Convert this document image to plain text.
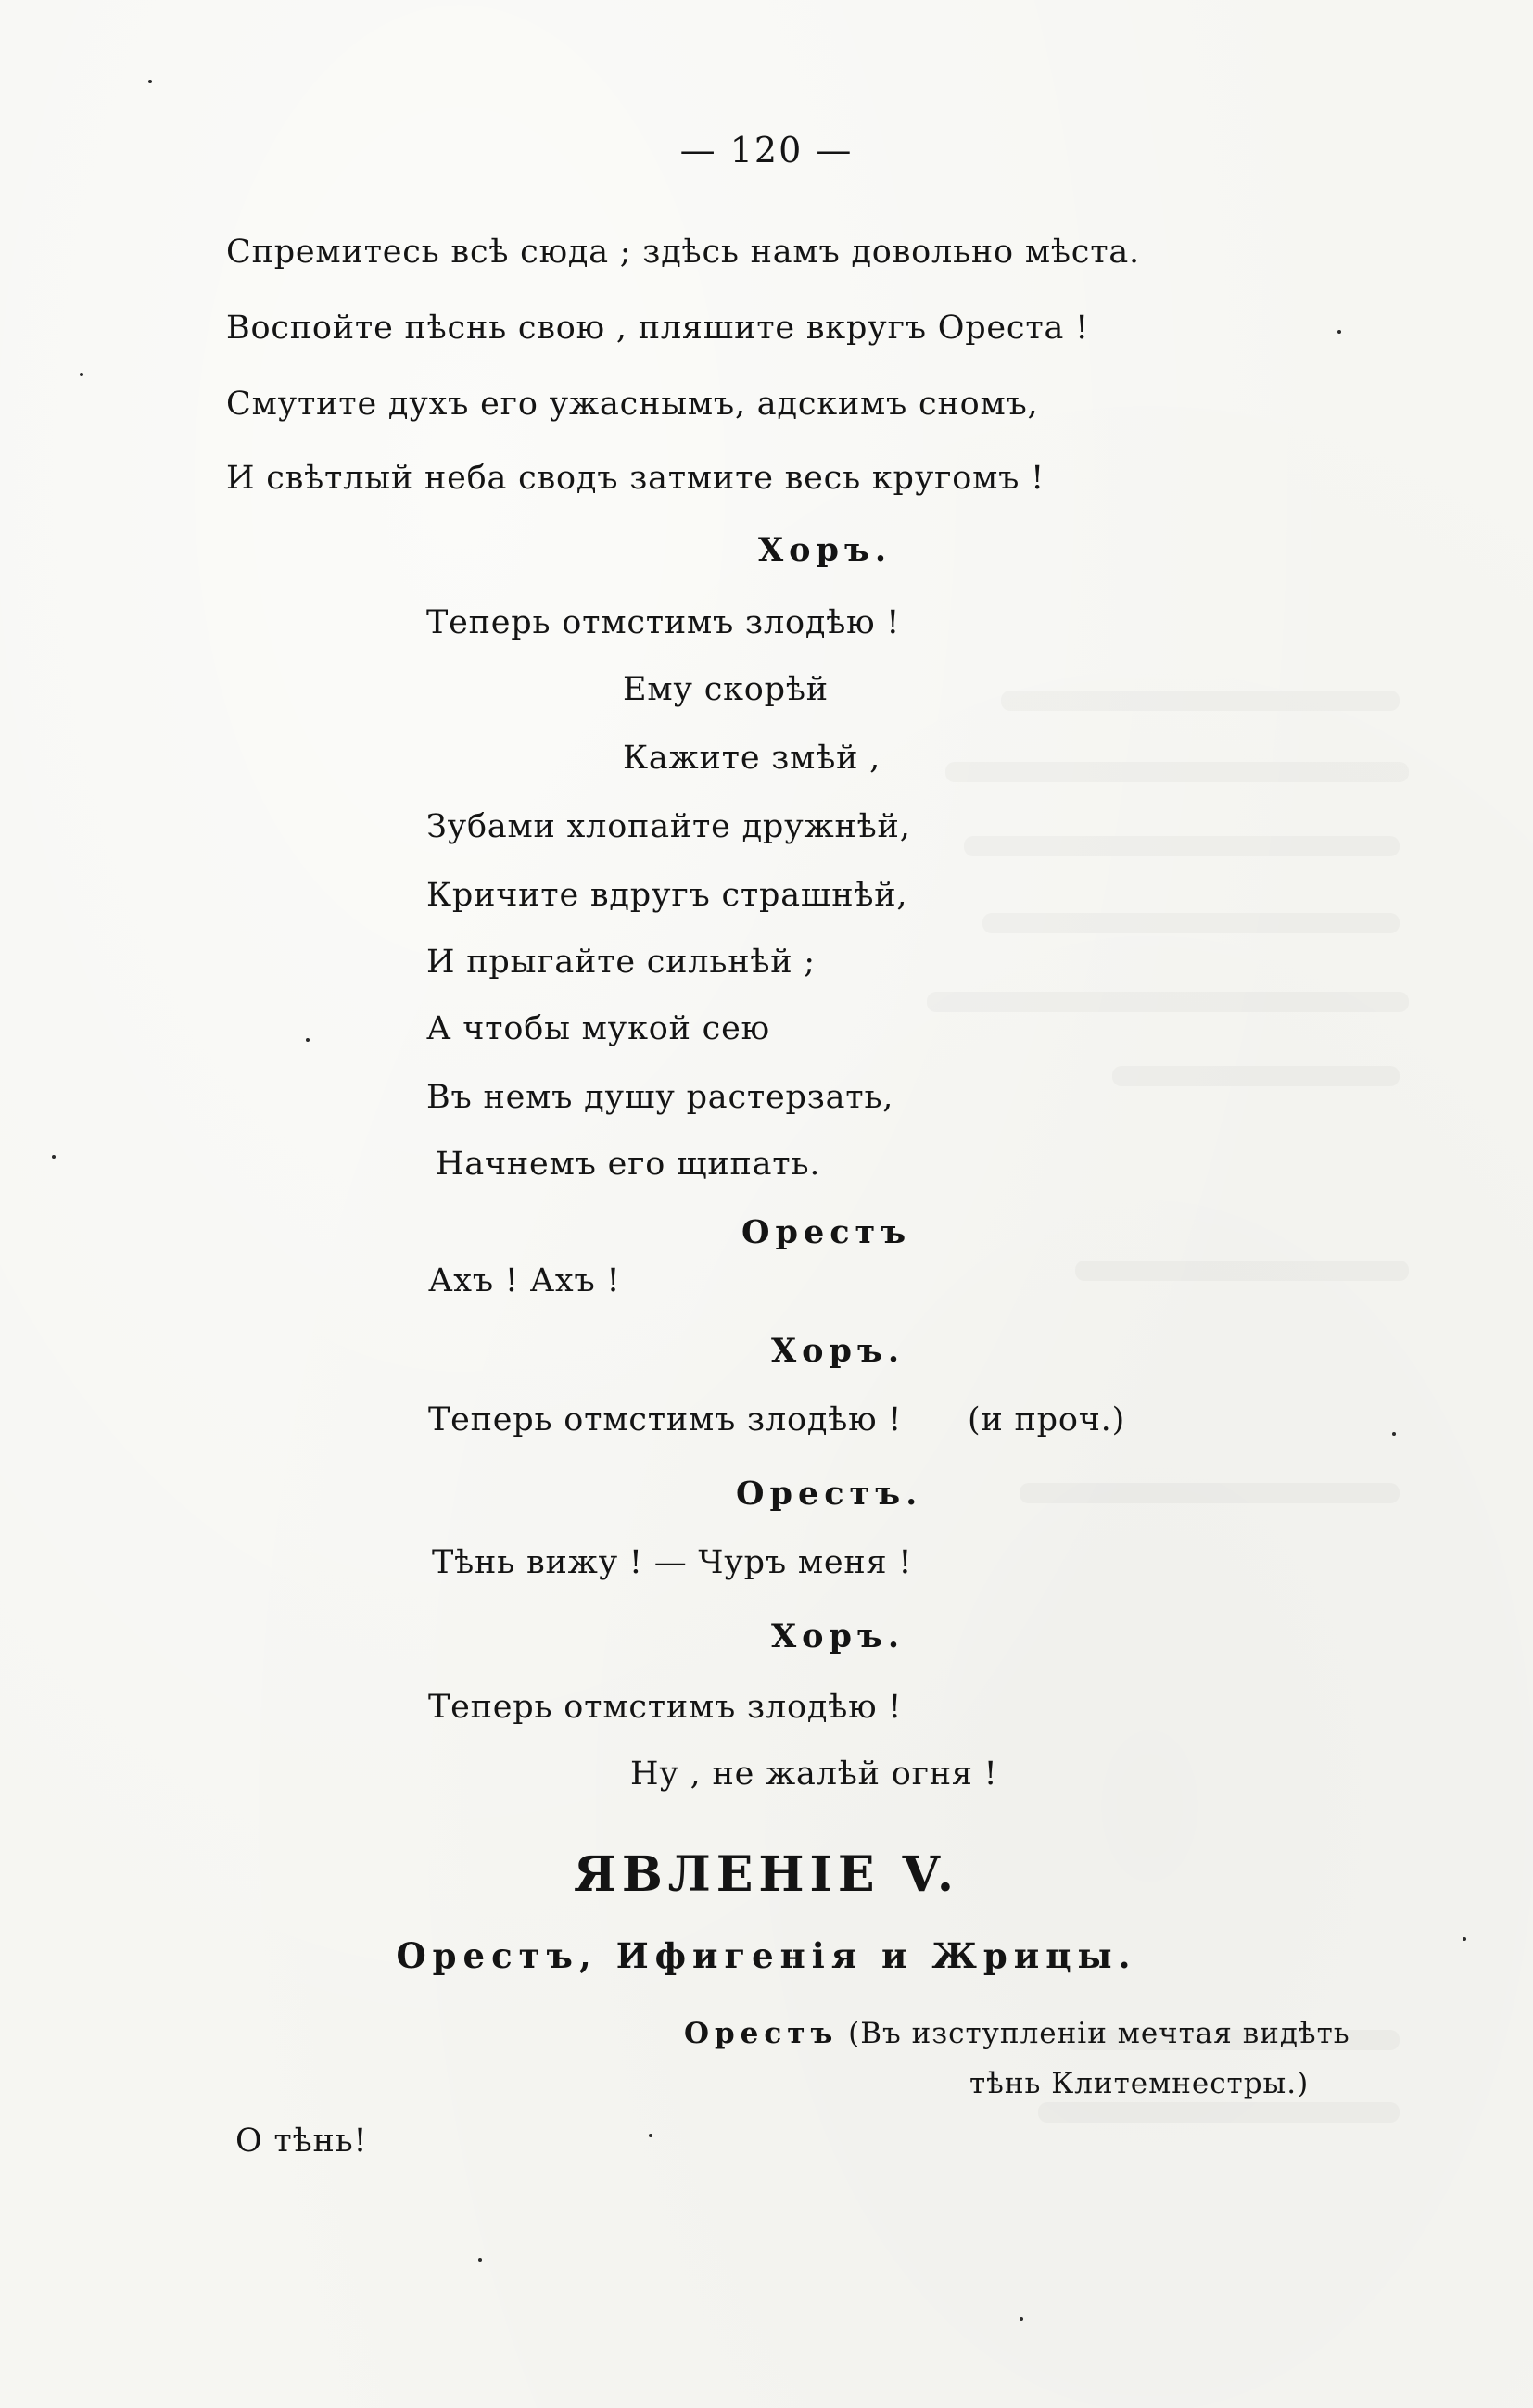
— 120 —
Спремитесь всѣ сюда ; здѣсь намъ довольно мѣста.
Воспойте пѣснь свою , пляшите вкругъ Ореста !
Смутите духъ его ужаснымъ, адскимъ сномъ,
И свѣтлый неба сводъ затмите весь кругомъ !
Хоръ.
Теперь отмстимъ злодѣю !
Ему скорѣй
Кажите змѣй ,
Зубами хлопайте дружнѣй,
Кричите вдругъ страшнѣй,
И прыгайте сильнѣй ;
А чтобы мукой сею
Въ немъ душу растерзать,
Начнемъ его щипать.
Орестъ
Ахъ ! Ахъ !
Хоръ.
Теперь отмстимъ злодѣю ! (и проч.)
Орестъ.
Тѣнь вижу ! — Чуръ меня !
Хоръ.
Теперь отмстимъ злодѣю !
Ну , не жалѣй огня !
ЯВЛЕНІЕ V.
Орестъ, Ифигенія и Жрицы.
Орестъ (Въ изступленіи мечтая видѣть
тѣнь Клитемнестры.)
О тѣнь!
